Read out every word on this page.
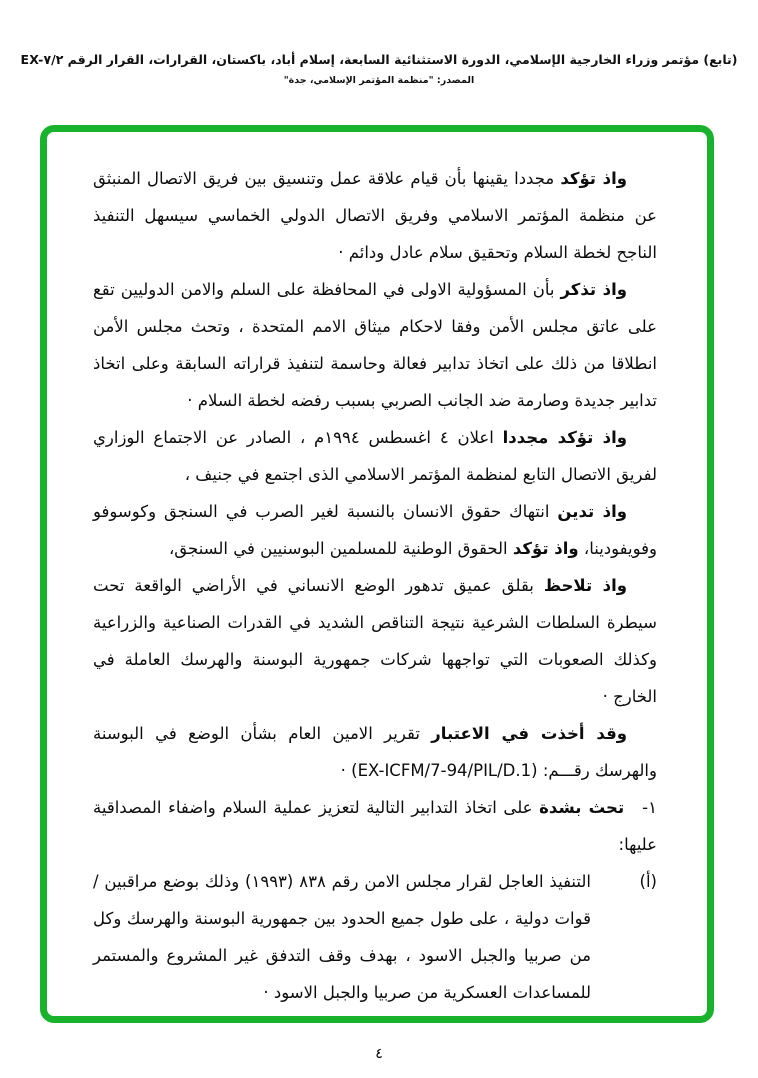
(تابع) مؤتمر وزراء الخارجية الإسلامي، الدورة الاستثنائية السابعة، إسلام أباد، باكستان، القرارات، القرار الرقم EX-٧/٢
المصدر: "منظمة المؤتمر الإسلامي، جدة"

واذ تؤكد مجددا يقينها بأن قيام علاقة عمل وتنسيق بين فريق الاتصال المنبثق عن منظمة المؤتمر الاسلامي وفريق الاتصال الدولي الخماسي سيسهل التنفيذ الناجح لخطة السلام وتحقيق سلام عادل ودائم ·

واذ تذكر بأن المسؤولية الاولى في المحافظة على السلم والامن الدوليين تقع على عاتق مجلس الأمن وفقا لاحكام ميثاق الامم المتحدة ، وتحث مجلس الأمن انطلاقا من ذلك على اتخاذ تدابير فعالة وحاسمة لتنفيذ قراراته السابقة وعلى اتخاذ تدابير جديدة وصارمة ضد الجانب الصربي بسبب رفضه لخطة السلام ·

واذ تؤكد مجددا اعلان ٤ اغسطس ١٩٩٤م ، الصادر عن الاجتماع الوزاري لفريق الاتصال التابع لمنظمة المؤتمر الاسلامي الذى اجتمع في جنيف ،

واذ تدين انتهاك حقوق الانسان بالنسبة لغير الصرب في السنجق وكوسوفو وفويفودينا، واذ تؤكد الحقوق الوطنية للمسلمين البوسنيين في السنجق،

واذ تلاحظ بقلق عميق تدهور الوضع الانساني في الأراضي الواقعة تحت سيطرة السلطات الشرعية نتيجة التناقص الشديد في القدرات الصناعية والزراعية وكذلك الصعوبات التي تواجهها شركات جمهورية البوسنة والهرسك العاملة في الخارج ·

وقد أخذت في الاعتبار تقرير الامين العام بشأن الوضع في البوسنة والهرسك رقـــم: (EX-ICFM/7-94/PIL/D.1) ·

١-تحث بشدة على اتخاذ التدابير التالية لتعزيز عملية السلام واضفاء المصداقية عليها:

(أ)
التنفيذ العاجل لقرار مجلس الامن رقم ٨٣٨ (١٩٩٣) وذلك بوضع مراقبين / قوات دولية ، على طول جميع الحدود بين جمهورية البوسنة والهرسك وكل من صربيا والجبل الاسود ، بهدف وقف التدفق غير المشروع والمستمر للمساعدات العسكرية من صربيا والجبل الاسود ·
٤
